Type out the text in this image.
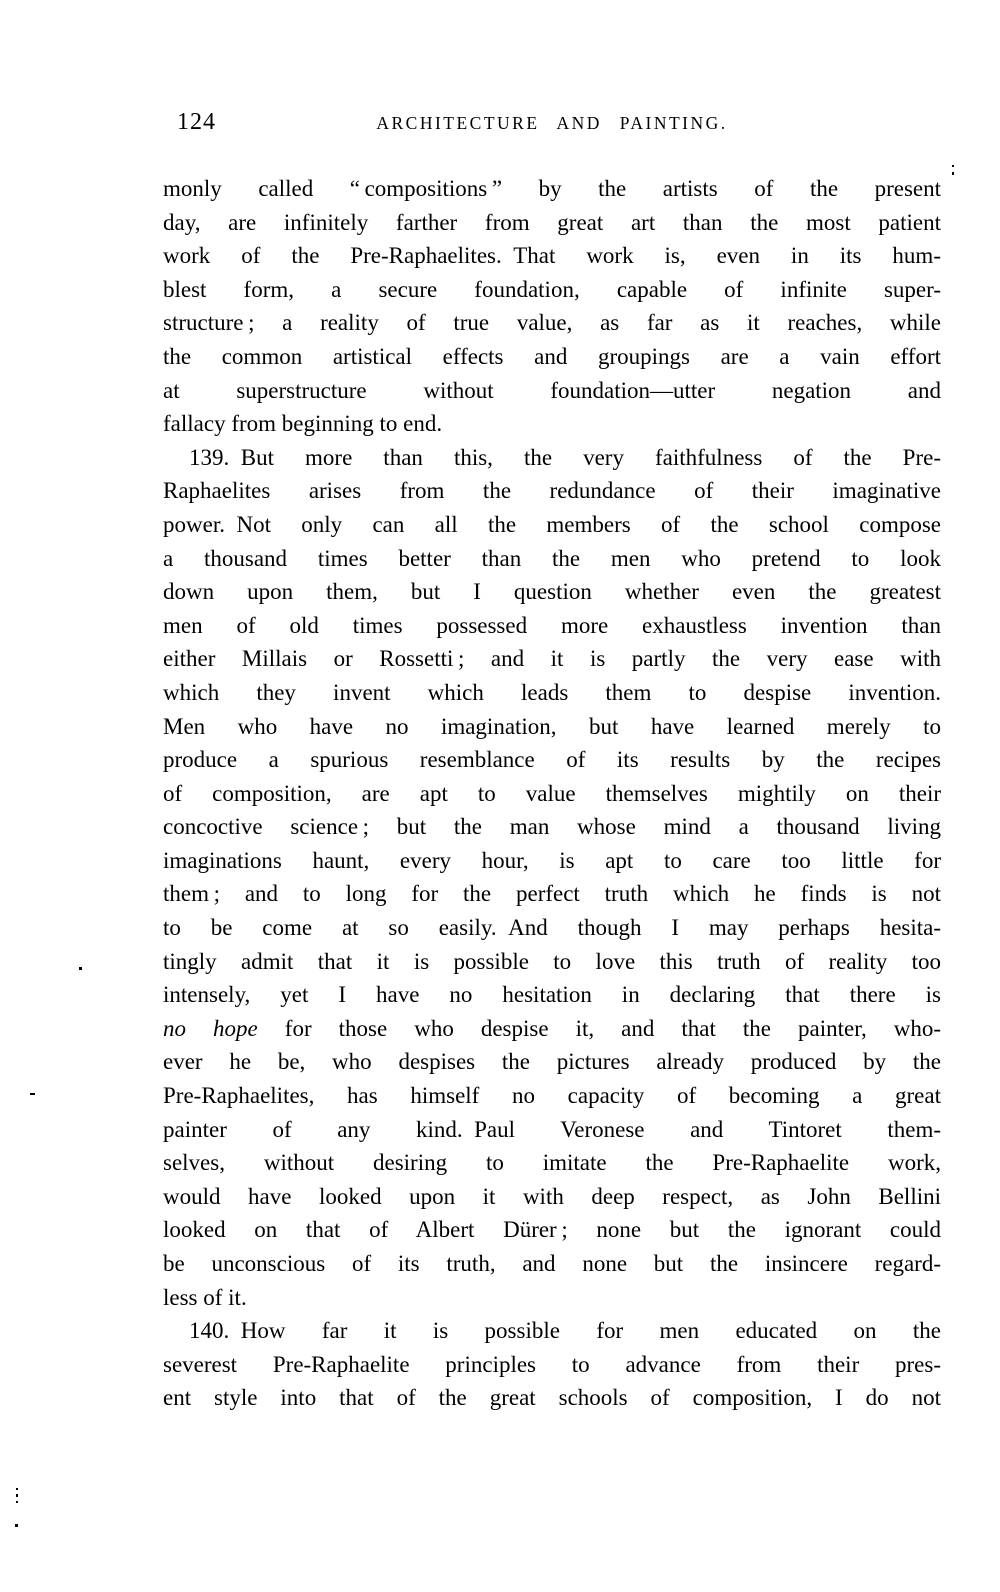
ARCHITECTURE AND PAINTING.
124
monly called “ compositions ” by the artists of the present
day, are infinitely farther from great art than the most patient
work of the Pre-Raphaelites. That work is, even in its hum-
blest form, a secure foundation, capable of infinite super-
structure ; a reality of true value, as far as it reaches, while
the common artistical effects and groupings are a vain effort
at superstructure without foundation—utter negation and
fallacy from beginning to end.
139. But more than this, the very faithfulness of the Pre-
Raphaelites arises from the redundance of their imaginative
power. Not only can all the members of the school compose
a thousand times better than the men who pretend to look
down upon them, but I question whether even the greatest
men of old times possessed more exhaustless invention than
either Millais or Rossetti ; and it is partly the very ease with
which they invent which leads them to despise invention.
Men who have no imagination, but have learned merely to
produce a spurious resemblance of its results by the recipes
of composition, are apt to value themselves mightily on their
concoctive science ; but the man whose mind a thousand living
imaginations haunt, every hour, is apt to care too little for
them ; and to long for the perfect truth which he finds is not
to be come at so easily. And though I may perhaps hesita-
tingly admit that it is possible to love this truth of reality too
intensely, yet I have no hesitation in declaring that there is
no hope for those who despise it, and that the painter, who-
ever he be, who despises the pictures already produced by the
Pre-Raphaelites, has himself no capacity of becoming a great
painter of any kind. Paul Veronese and Tintoret them-
selves, without desiring to imitate the Pre-Raphaelite work,
would have looked upon it with deep respect, as John Bellini
looked on that of Albert Dürer ; none but the ignorant could
be unconscious of its truth, and none but the insincere regard-
less of it.
140. How far it is possible for men educated on the
severest Pre-Raphaelite principles to advance from their pres-
ent style into that of the great schools of composition, I do not
